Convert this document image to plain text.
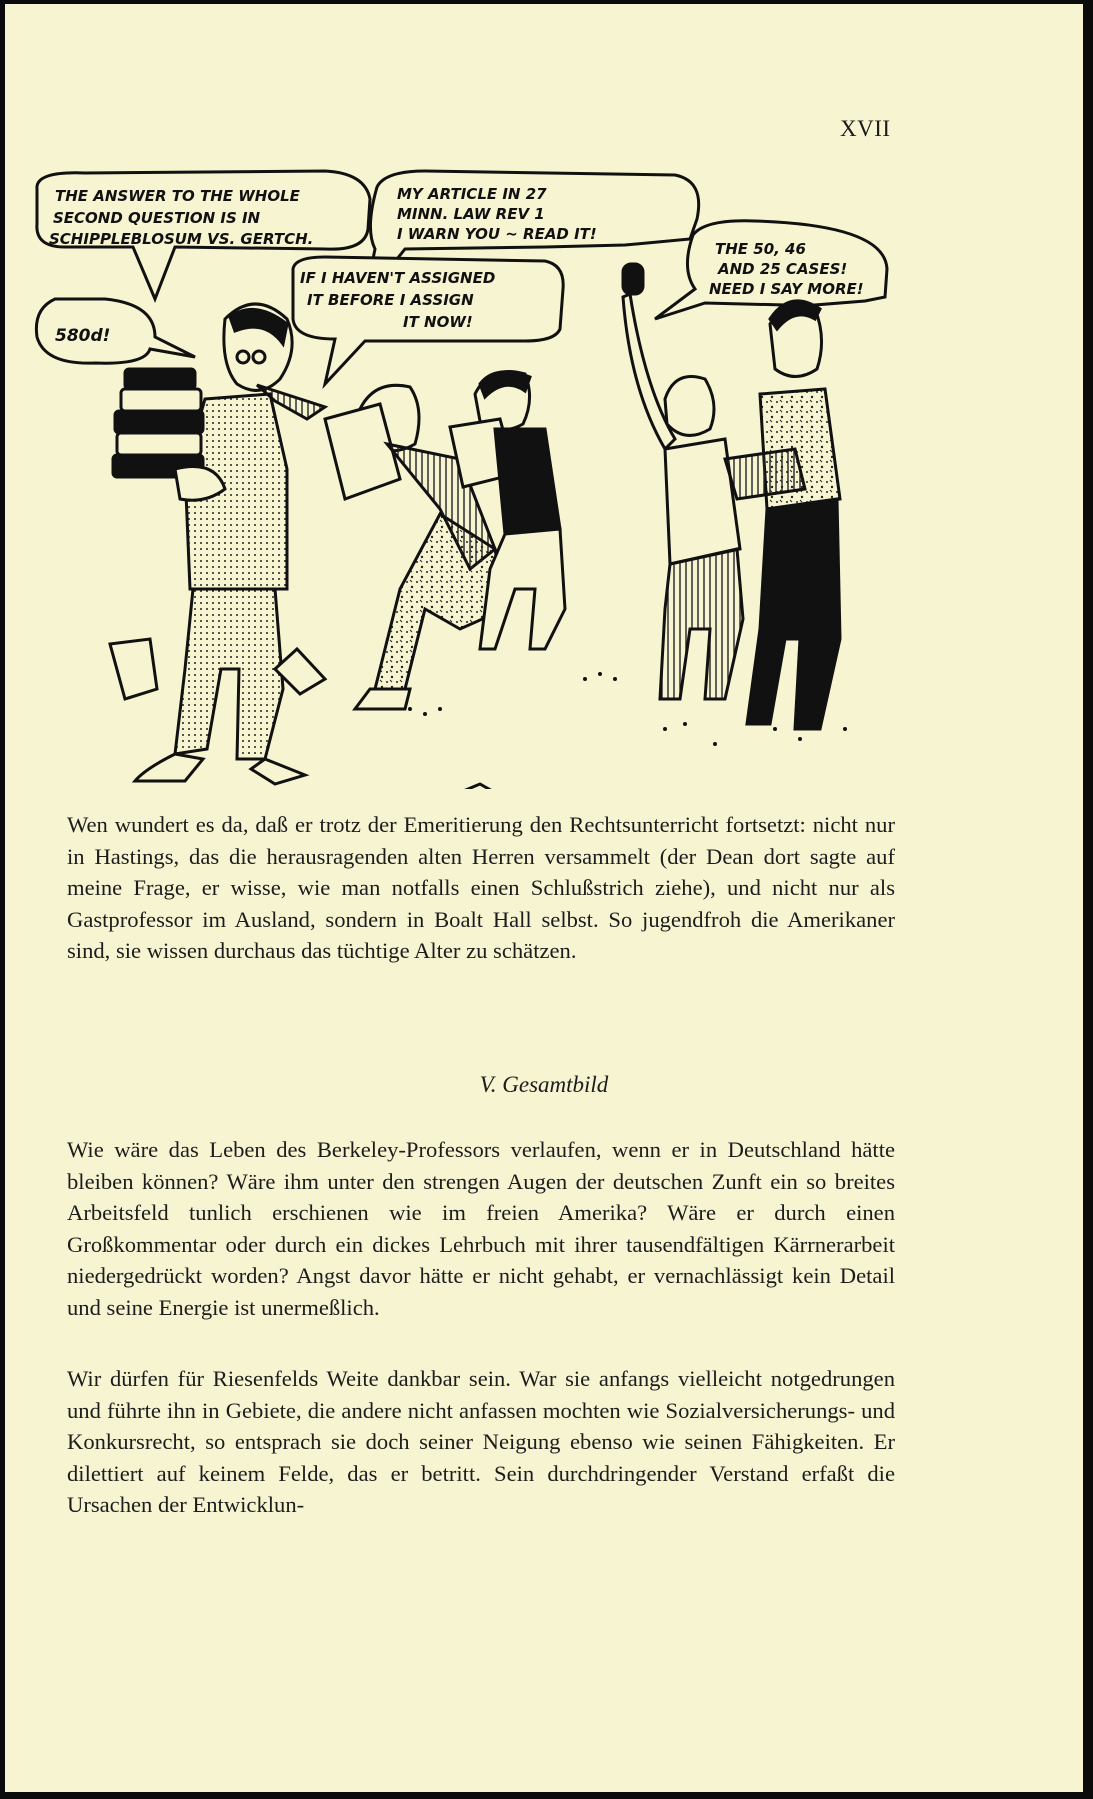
XVII
THE ANSWER TO THE WHOLE
SECOND QUESTION IS IN
SCHIPPLEBLOSUM VS. GERTCH.
MY ARTICLE IN 27
MINN. LAW REV 1
I WARN YOU ~ READ IT!
IF I HAVEN'T ASSIGNED
IT BEFORE I ASSIGN
IT NOW!
THE 50, 46
AND 25 CASES!
NEED I SAY MORE!
580d!
Wen wundert es da, daß er trotz der Emeritierung den Rechtsunterricht fortsetzt: nicht nur in Hastings, das die herausragenden alten Herren versammelt (der Dean dort sagte auf meine Frage, er wisse, wie man notfalls einen Schlußstrich ziehe), und nicht nur als Gastprofessor im Ausland, sondern in Boalt Hall selbst. So jugendfroh die Amerikaner sind, sie wissen durchaus das tüchtige Alter zu schätzen.
V. Gesamtbild
Wie wäre das Leben des Berkeley-Professors verlaufen, wenn er in Deutschland hätte bleiben können? Wäre ihm unter den strengen Augen der deutschen Zunft ein so breites Arbeitsfeld tunlich erschienen wie im freien Amerika? Wäre er durch einen Großkommentar oder durch ein dickes Lehrbuch mit ihrer tausendfältigen Kärrnerarbeit niedergedrückt worden? Angst davor hätte er nicht gehabt, er vernachlässigt kein Detail und seine Energie ist unermeßlich.
Wir dürfen für Riesenfelds Weite dankbar sein. War sie anfangs vielleicht notgedrungen und führte ihn in Gebiete, die andere nicht anfassen mochten wie Sozialversicherungs- und Konkursrecht, so entsprach sie doch seiner Neigung ebenso wie seinen Fähigkeiten. Er dilettiert auf keinem Felde, das er betritt. Sein durchdringender Verstand erfaßt die Ursachen der Entwicklun-
